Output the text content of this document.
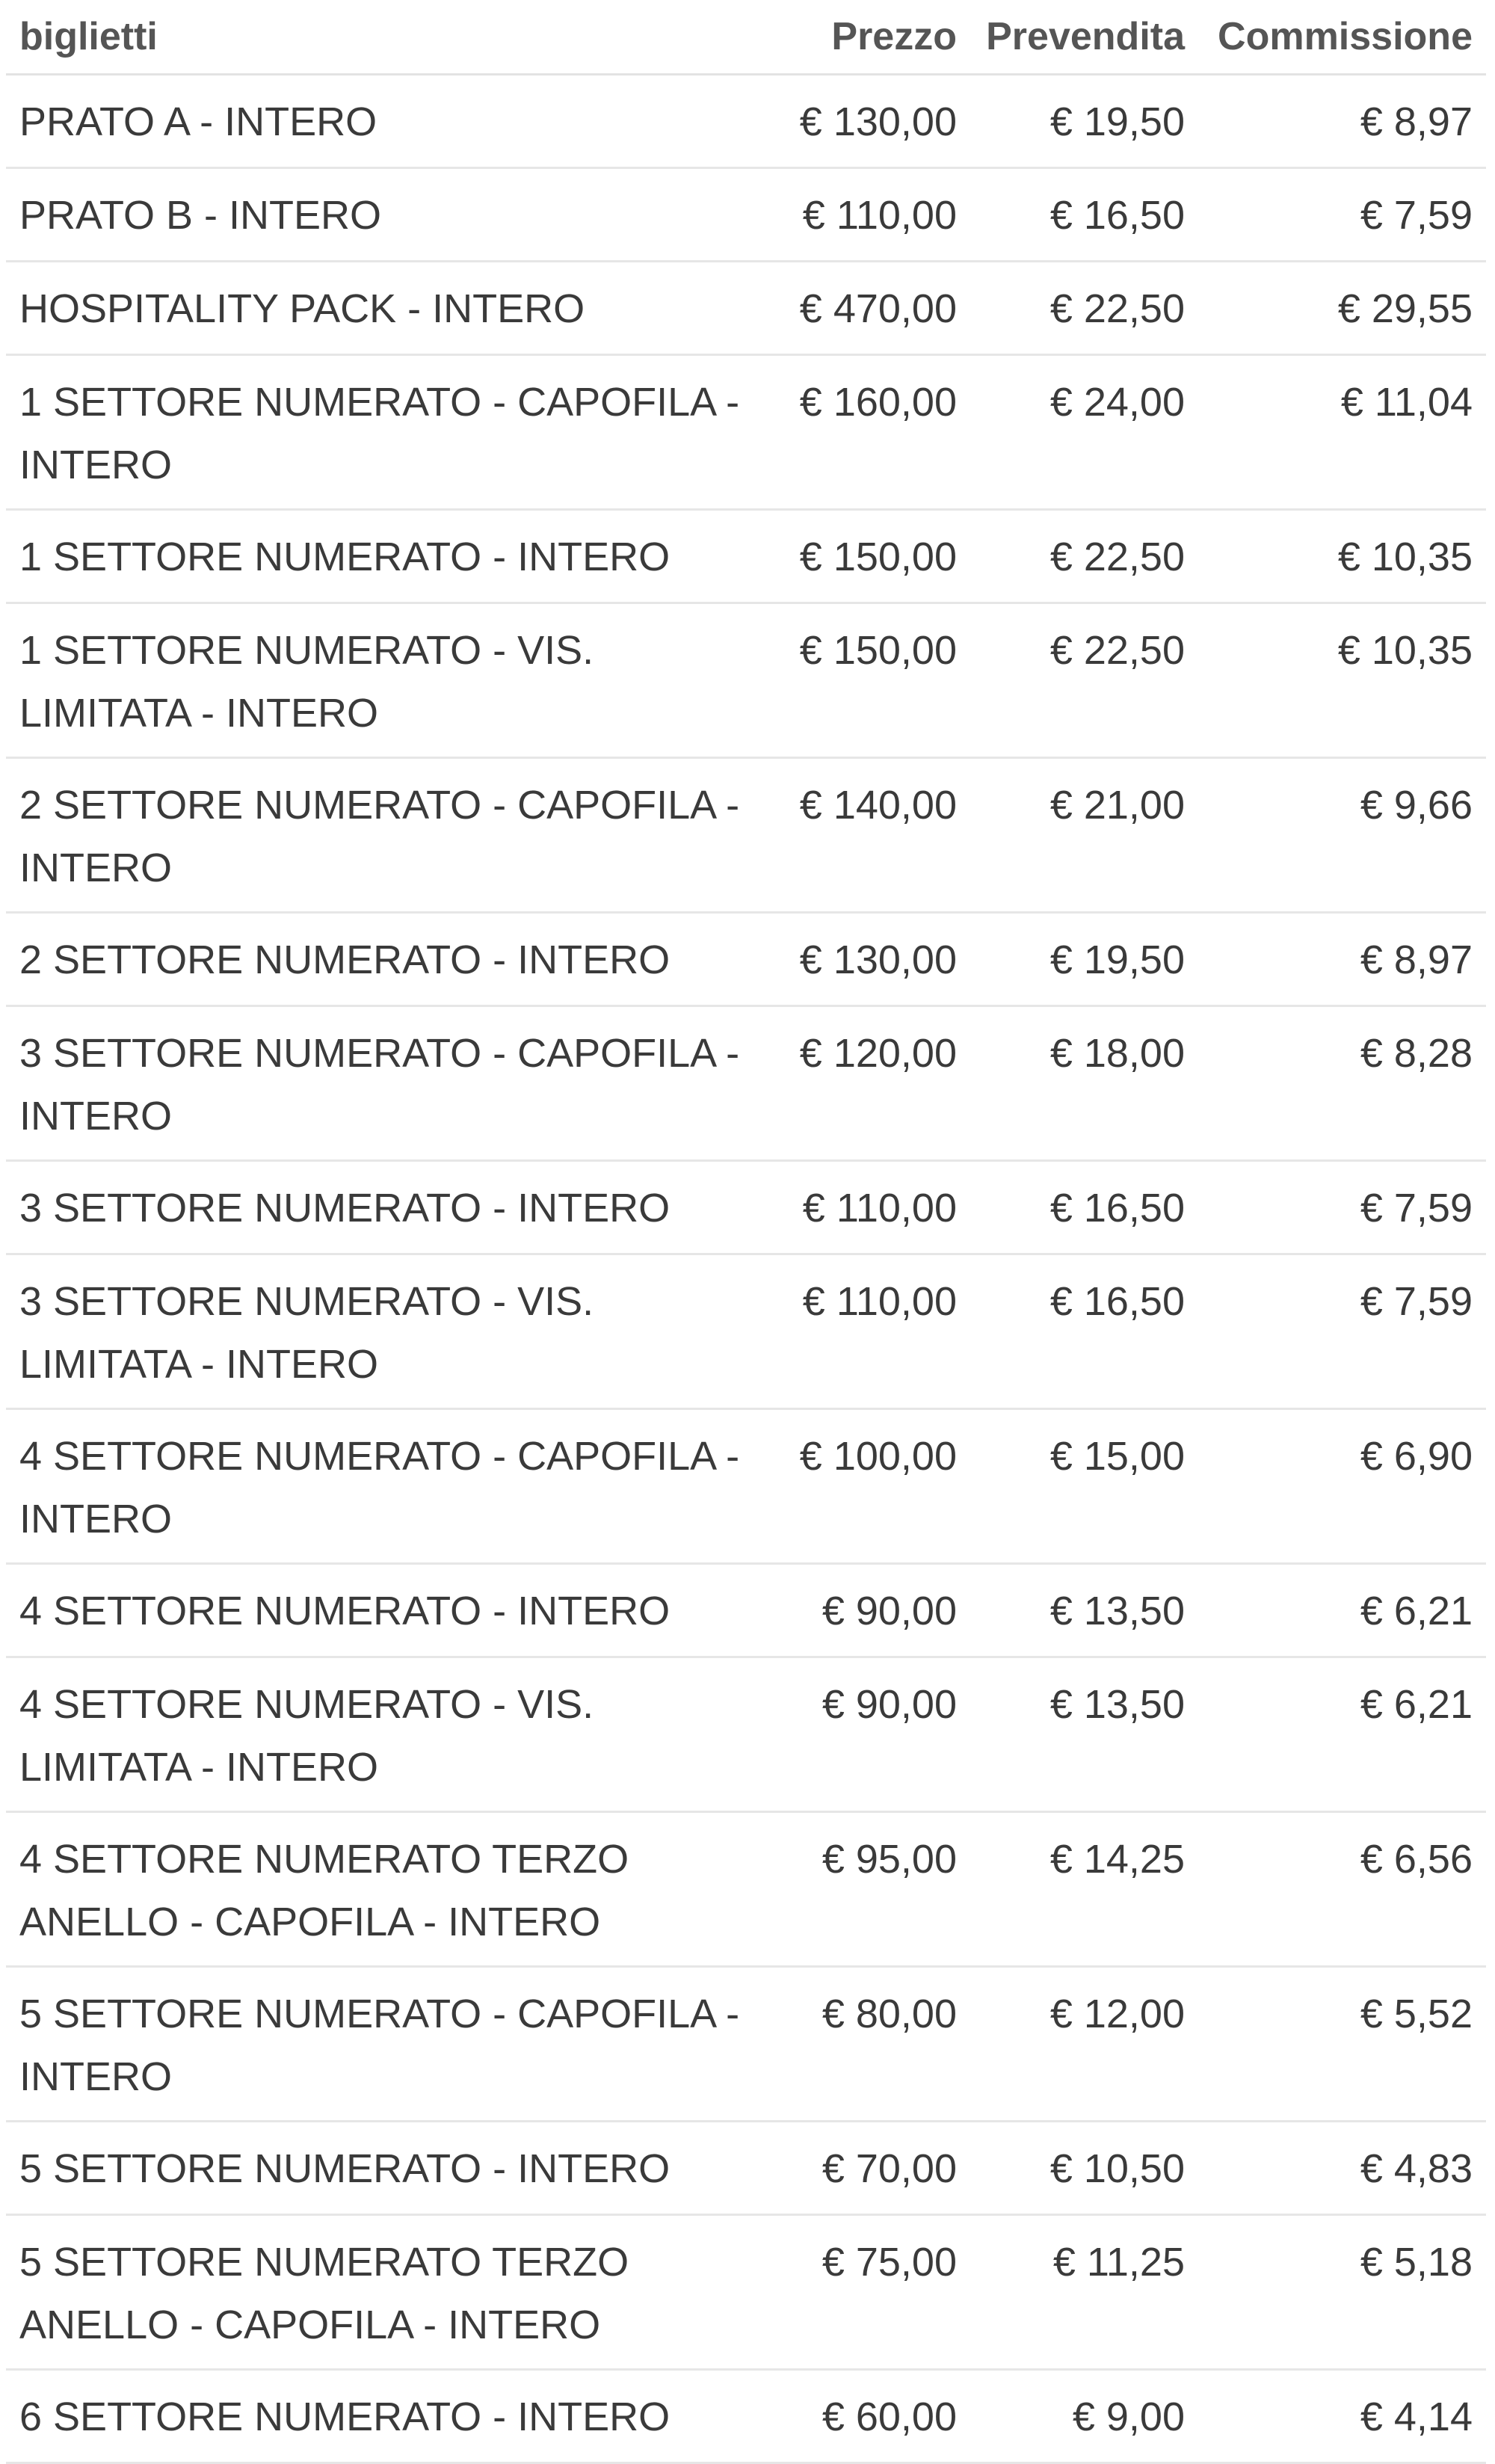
biglietti	Prezzo	Prevendita	Commissione
PRATO A - INTERO	€ 130,00	€ 19,50	€ 8,97
PRATO B - INTERO	€ 110,00	€ 16,50	€ 7,59
HOSPITALITY PACK - INTERO	€ 470,00	€ 22,50	€ 29,55
1 SETTORE NUMERATO - CAPOFILA - INTERO	€ 160,00	€ 24,00	€ 11,04
1 SETTORE NUMERATO - INTERO	€ 150,00	€ 22,50	€ 10,35
1 SETTORE NUMERATO - VIS. LIMITATA - INTERO	€ 150,00	€ 22,50	€ 10,35
2 SETTORE NUMERATO - CAPOFILA - INTERO	€ 140,00	€ 21,00	€ 9,66
2 SETTORE NUMERATO - INTERO	€ 130,00	€ 19,50	€ 8,97
3 SETTORE NUMERATO - CAPOFILA - INTERO	€ 120,00	€ 18,00	€ 8,28
3 SETTORE NUMERATO - INTERO	€ 110,00	€ 16,50	€ 7,59
3 SETTORE NUMERATO - VIS. LIMITATA - INTERO	€ 110,00	€ 16,50	€ 7,59
4 SETTORE NUMERATO - CAPOFILA - INTERO	€ 100,00	€ 15,00	€ 6,90
4 SETTORE NUMERATO - INTERO	€ 90,00	€ 13,50	€ 6,21
4 SETTORE NUMERATO - VIS. LIMITATA - INTERO	€ 90,00	€ 13,50	€ 6,21
4 SETTORE NUMERATO TERZO ANELLO - CAPOFILA - INTERO	€ 95,00	€ 14,25	€ 6,56
5 SETTORE NUMERATO - CAPOFILA - INTERO	€ 80,00	€ 12,00	€ 5,52
5 SETTORE NUMERATO - INTERO	€ 70,00	€ 10,50	€ 4,83
5 SETTORE NUMERATO TERZO ANELLO - CAPOFILA - INTERO	€ 75,00	€ 11,25	€ 5,18
6 SETTORE NUMERATO - INTERO	€ 60,00	€ 9,00	€ 4,14
